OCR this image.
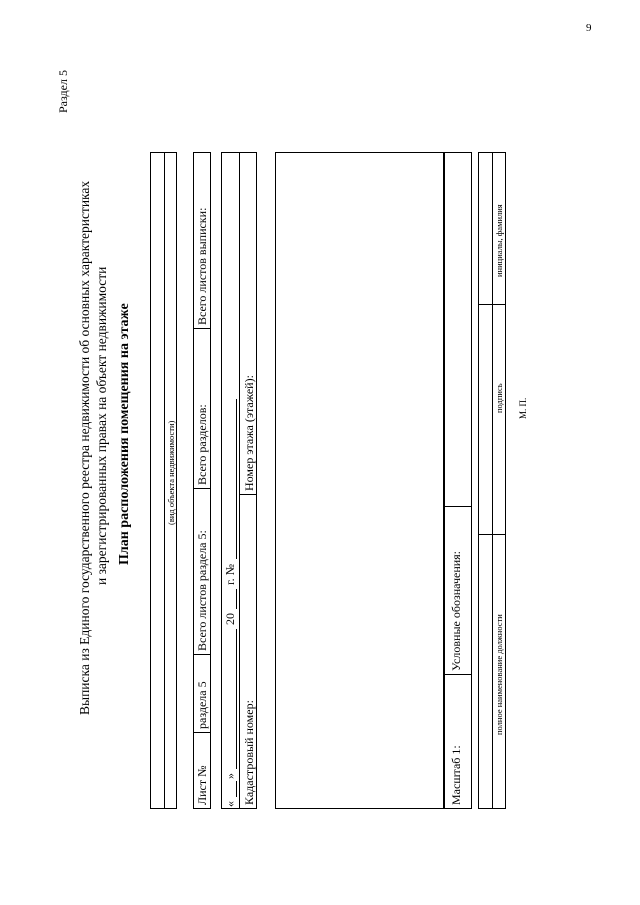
9
Раздел 5
Выписка из Единого государственного реестра недвижимости об основных характеристиках и зарегистрированных правах на объект недвижимости План расположения помещения на этаже	(вид объекта недвижимости)
Лист №
раздела 5
Всего листов раздела 5:
Всего разделов:
Всего листов выписки:
«
»
20
г. №
Кадастровый номер:
Номер этажа (этажей):
Масштаб 1:
Условные обозначения:
полное наименование должности
подпись
инициалы, фамилия
М. П.
